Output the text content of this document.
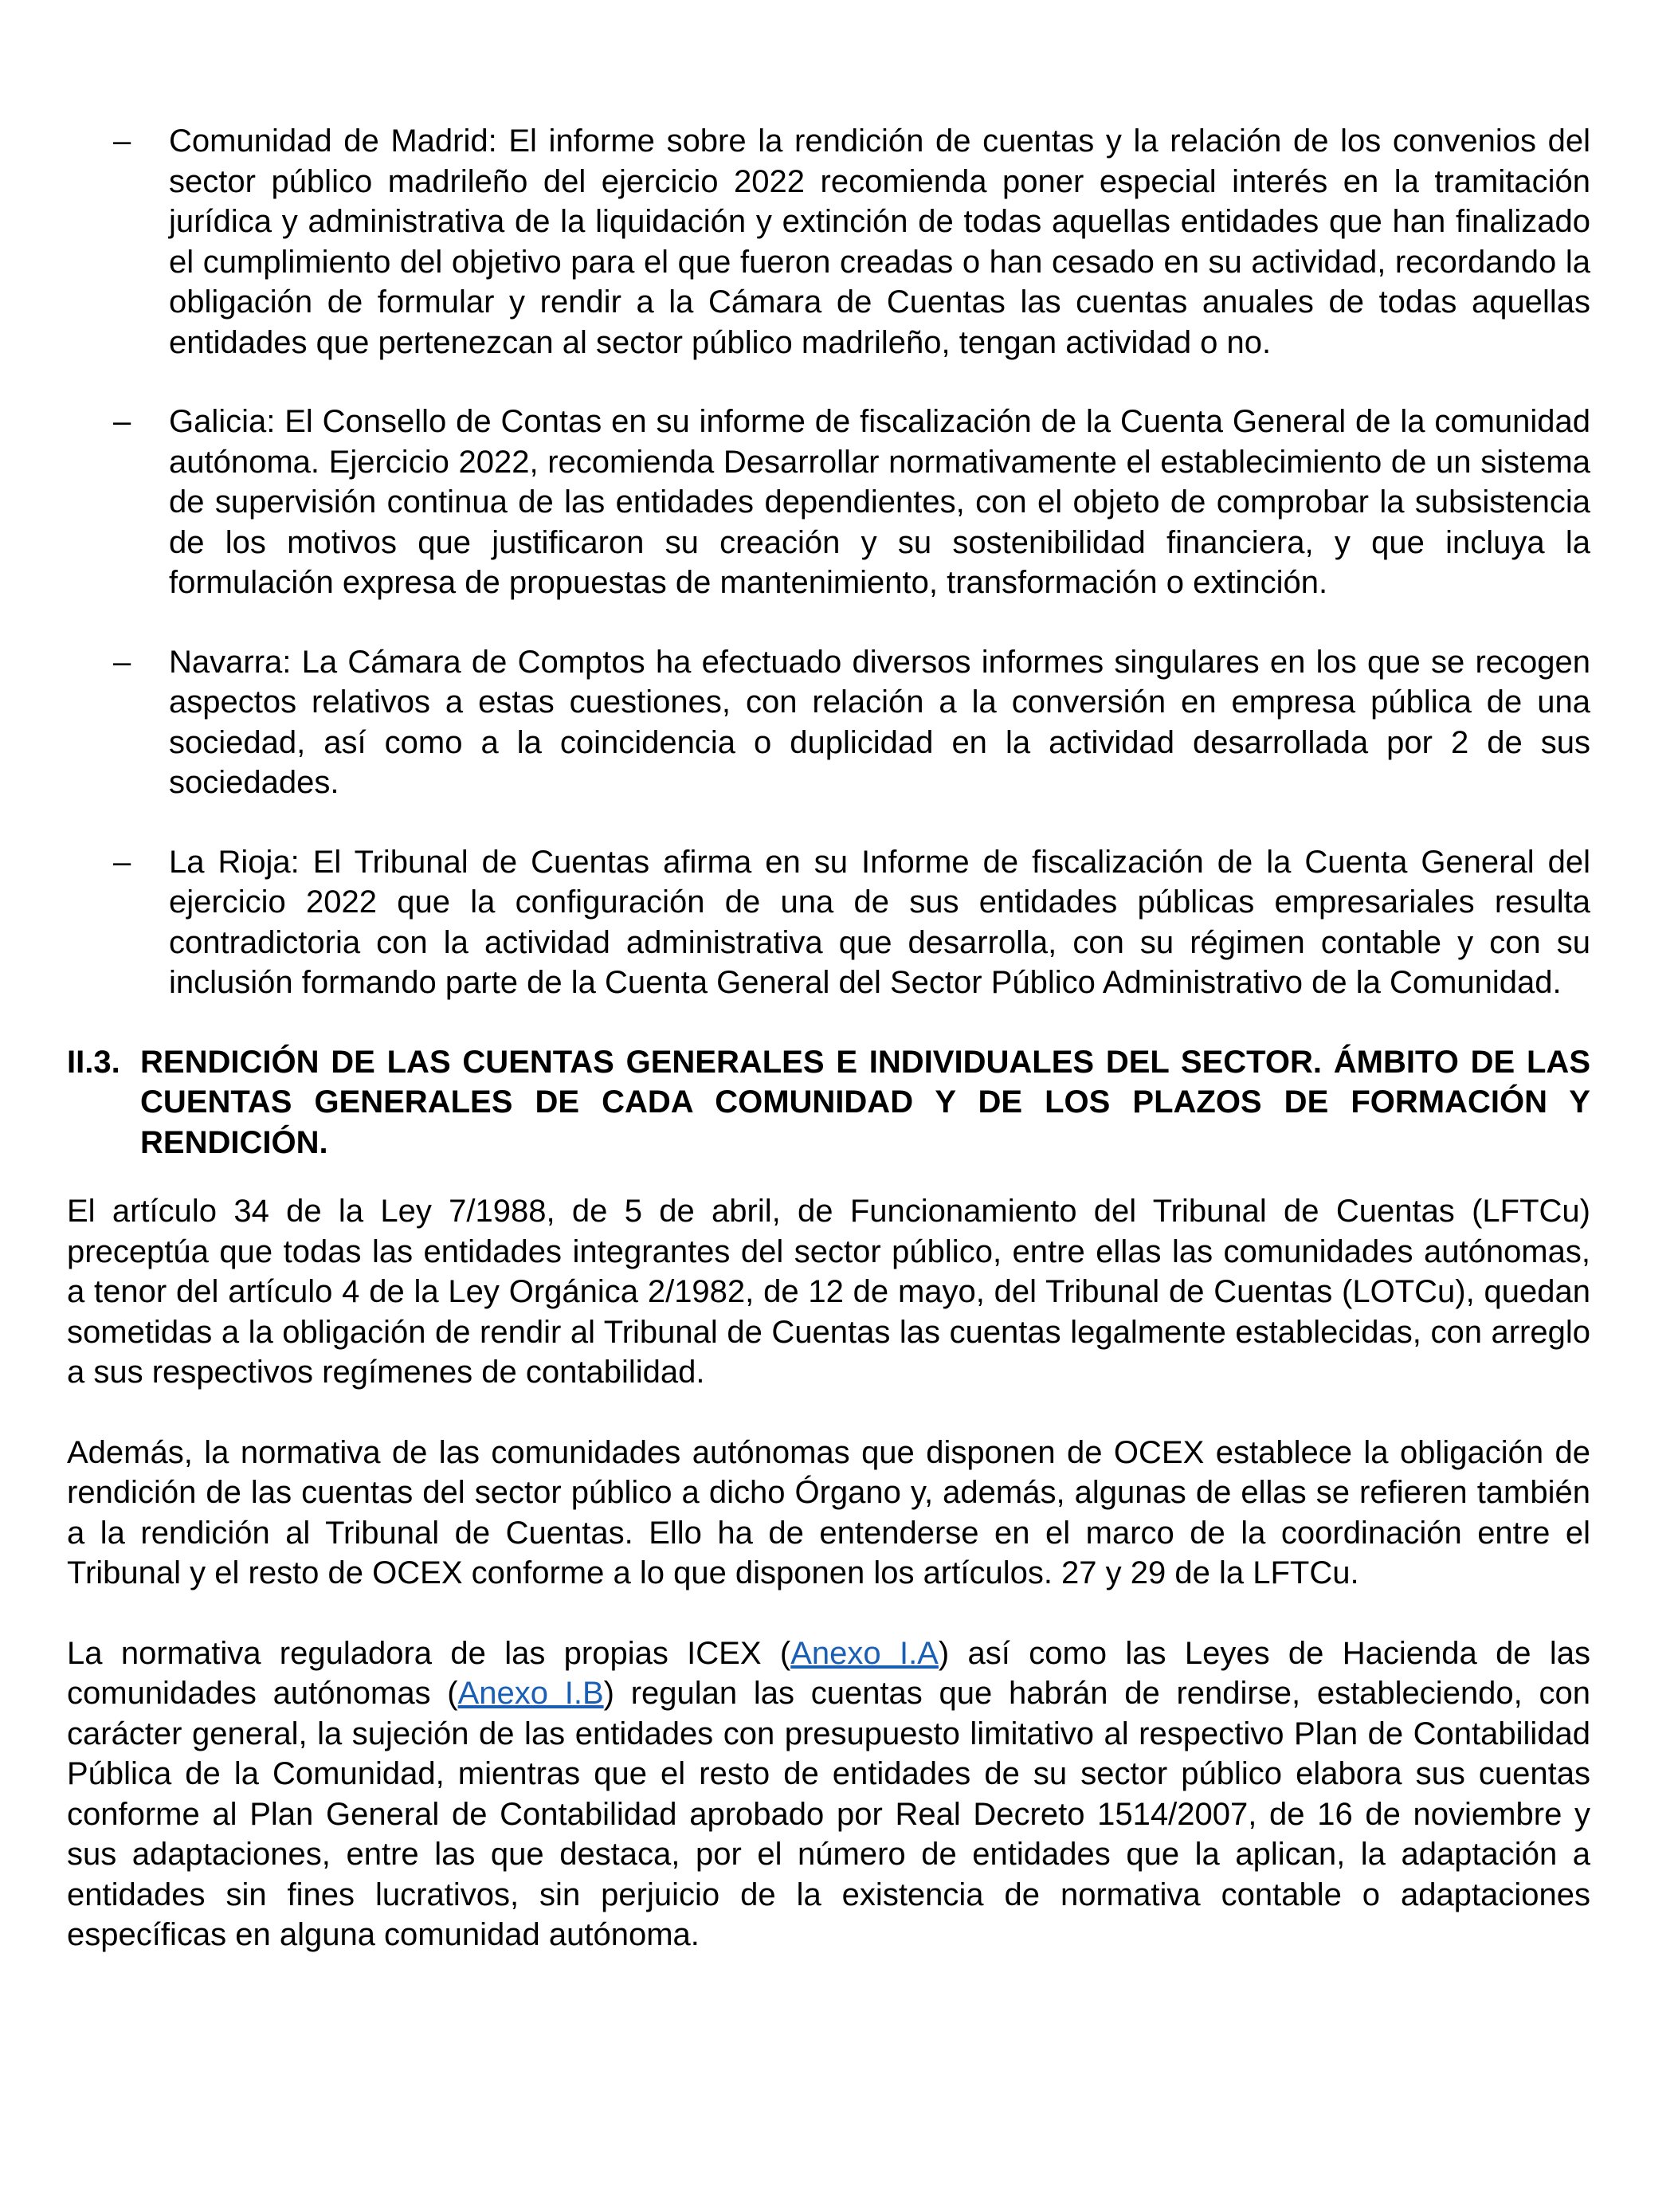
–	Comunidad de Madrid: El informe sobre la rendición de cuentas y la relación de los convenios del sector público madrileño del ejercicio 2022 recomienda poner especial interés en la tramitación jurídica y administrativa de la liquidación y extinción de todas aquellas entidades que han finalizado el cumplimiento del objetivo para el que fueron creadas o han cesado en su actividad, recordando la obligación de formular y rendir a la Cámara de Cuentas las cuentas anuales de todas aquellas entidades que pertenezcan al sector público madrileño, tengan actividad o no.
–	Galicia: El Consello de Contas en su informe de fiscalización de la Cuenta General de la comunidad autónoma. Ejercicio 2022, recomienda Desarrollar normativamente el establecimiento de un sistema de supervisión continua de las entidades dependientes, con el objeto de comprobar la subsistencia de los motivos que justificaron su creación y su sostenibilidad financiera, y que incluya la formulación expresa de propuestas de mantenimiento, transformación o extinción.
–	Navarra: La Cámara de Comptos ha efectuado diversos informes singulares en los que se recogen aspectos relativos a estas cuestiones, con relación a la conversión en empresa pública de una sociedad, así como a la coincidencia o duplicidad en la actividad desarrollada por 2 de sus sociedades.
–	La Rioja: El Tribunal de Cuentas afirma en su Informe de fiscalización de la Cuenta General del ejercicio 2022 que la configuración de una de sus entidades públicas empresariales resulta contradictoria con la actividad administrativa que desarrolla, con su régimen contable y con su inclusión formando parte de la Cuenta General del Sector Público Administrativo de la Comunidad.
II.3. RENDICIÓN DE LAS CUENTAS GENERALES E INDIVIDUALES DEL SECTOR. ÁMBITO DE LAS CUENTAS GENERALES DE CADA COMUNIDAD Y DE LOS PLAZOS DE FORMACIÓN Y RENDICIÓN.

El artículo 34 de la Ley 7/1988, de 5 de abril, de Funcionamiento del Tribunal de Cuentas (LFTCu) preceptúa que todas las entidades integrantes del sector público, entre ellas las comunidades autónomas, a tenor del artículo 4 de la Ley Orgánica 2/1982, de 12 de mayo, del Tribunal de Cuentas (LOTCu), quedan sometidas a la obligación de rendir al Tribunal de Cuentas las cuentas legalmente establecidas, con arreglo a sus respectivos regímenes de contabilidad.

Además, la normativa de las comunidades autónomas que disponen de OCEX establece la obligación de rendición de las cuentas del sector público a dicho Órgano y, además, algunas de ellas se refieren también a la rendición al Tribunal de Cuentas. Ello ha de entenderse en el marco de la coordinación entre el Tribunal y el resto de OCEX conforme a lo que disponen los artículos. 27 y 29 de la LFTCu.

La normativa reguladora de las propias ICEX (Anexo I.A) así como las Leyes de Hacienda de las comunidades autónomas (Anexo I.B) regulan las cuentas que habrán de rendirse, estableciendo, con carácter general, la sujeción de las entidades con presupuesto limitativo al respectivo Plan de Contabilidad Pública de la Comunidad, mientras que el resto de entidades de su sector público elabora sus cuentas conforme al Plan General de Contabilidad aprobado por Real Decreto 1514/2007, de 16 de noviembre y sus adaptaciones, entre las que destaca, por el número de entidades que la aplican, la adaptación a entidades sin fines lucrativos, sin perjuicio de la existencia de normativa contable o adaptaciones específicas en alguna comunidad autónoma.
